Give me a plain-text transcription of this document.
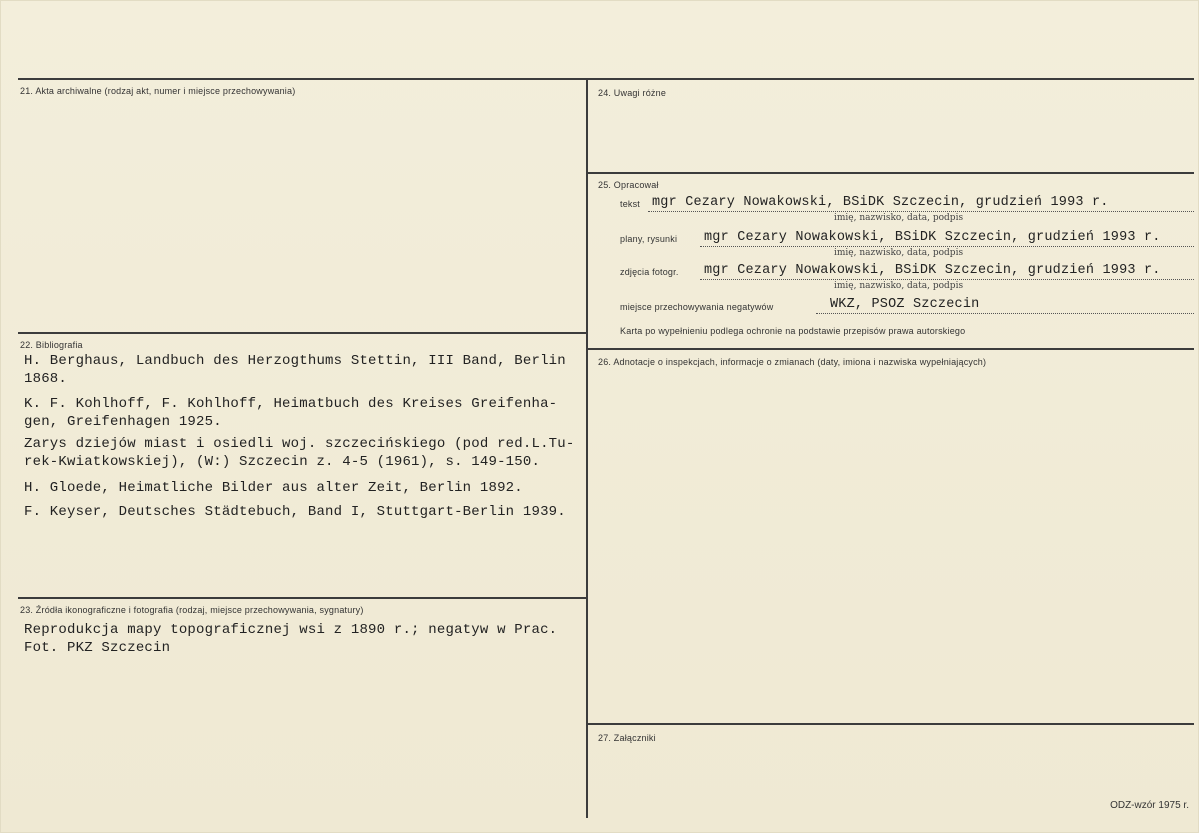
21. Akta archiwalne (rodzaj akt, numer i miejsce przechowywania)
22. Bibliografia
H. Berghaus, Landbuch des Herzogthums Stettin, III Band, Berlin
1868.
K. F. Kohlhoff, F. Kohlhoff, Heimatbuch des Kreises Greifenha-
gen, Greifenhagen 1925.
Zarys dziejów miast i osiedli woj. szczecińskiego (pod red.L.Tu-
rek-Kwiatkowskiej), (W:) Szczecin z. 4-5 (1961), s. 149-150.
H. Gloede, Heimatliche Bilder aus alter Zeit, Berlin 1892.
F. Keyser, Deutsches Städtebuch, Band I, Stuttgart-Berlin 1939.
23. Źródła ikonograficzne i fotografia (rodzaj, miejsce przechowywania, sygnatury)
Reprodukcja mapy topograficznej wsi z 1890 r.; negatyw w Prac.
Fot. PKZ Szczecin
24. Uwagi różne
25. Opracował
tekst mgr Cezary Nowakowski, BSiDK Szczecin, grudzień 1993 r.
imię, nazwisko, data, podpis
plany, rysunki mgr Cezary Nowakowski, BSiDK Szczecin, grudzień 1993 r.
imię, nazwisko, data, podpis
zdjęcia fotogr. mgr Cezary Nowakowski, BSiDK Szczecin, grudzień 1993 r.
imię, nazwisko, data, podpis
miejsce przechowywania negatywów	WKZ, PSOZ Szczecin
Karta po wypełnieniu podlega ochronie na podstawie przepisów prawa autorskiego
26. Adnotacje o inspekcjach, informacje o zmianach (daty, imiona i nazwiska wypełniających)
27. Załączniki
ODZ-wzór 1975 r.
